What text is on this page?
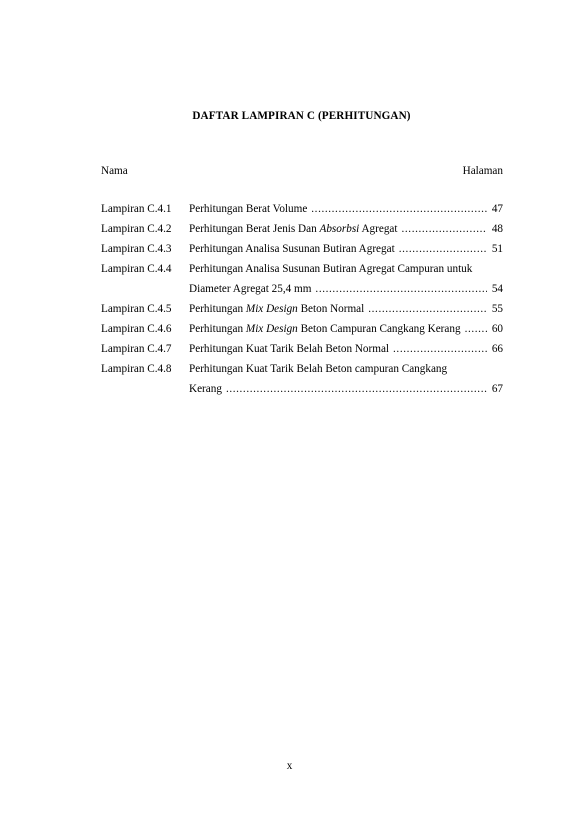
DAFTAR LAMPIRAN C (PERHITUNGAN)
Nama	Halaman
Lampiran C.4.1 Perhitungan Berat Volume .....	47
Lampiran C.4.2 Perhitungan Berat Jenis Dan Absorbsi Agregat .....	48
Lampiran C.4.3 Perhitungan Analisa Susunan Butiran Agregat .....	51
Lampiran C.4.4 Perhitungan Analisa Susunan Butiran Agregat Campuran untuk
Diameter Agregat 25,4 mm .....	54
Lampiran C.4.5 Perhitungan Mix Design Beton Normal .....	55
Lampiran C.4.6 Perhitungan Mix Design Beton Campuran Cangkang Kerang .....	60
Lampiran C.4.7 Perhitungan Kuat Tarik Belah Beton Normal .....	66
Lampiran C.4.8 Perhitungan Kuat Tarik Belah Beton campuran Cangkang
Kerang .....	67
x
